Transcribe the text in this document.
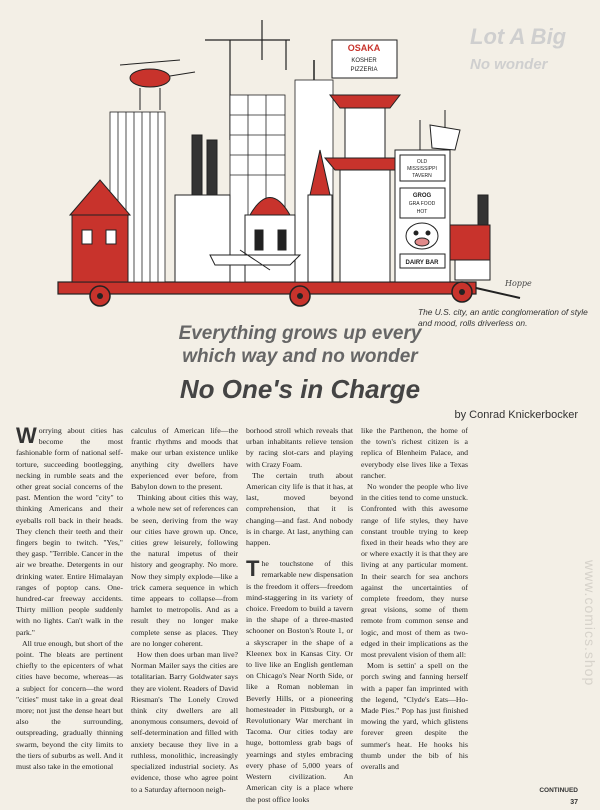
OSAKA
KOSHER
PIZZERIA
OLD
MISSISSIPPI
TAVERN
GROG
GRA FOOD
HOT
DAIRY BAR
Hoppe
Lot A Big
No wonder
The U.S. city, an antic conglomeration of style and mood, rolls driverless on.
Everything grows up every
which way and no wonder
No One's in Charge
by Conrad Knickerbocker

Worrying about cities has become the most fashionable form of national self-torture, succeeding bootlegging, necking in rumble seats and the other great social concerns of the past. Mention the word "city" to thinking Americans and their eyeballs roll back in their heads. They clench their teeth and their fingers begin to twitch. "Yes," they gasp. "Terrible. Cancer in the air we breathe. Detergents in our drinking water. Entire Himalayan ranges of poptop cans. One-hundred-car freeway accidents. Thirty million people suddenly with no lights. Can't walk in the park."

All true enough, but short of the point. The bleats are pertinent chiefly to the epicenters of what cities have become, whereas—as a subject for concern—the word "cities" must take in a great deal more; not just the dense heart but also the surrounding, outspreading, gradually thinning swarm, beyond the city limits to the tiers of suburbs as well. And it must also take in the emotional

calculus of American life—the frantic rhythms and moods that make our urban existence unlike anything city dwellers have experienced ever before, from Babylon down to the present.

Thinking about cities this way, a whole new set of references can be seen, deriving from the way our cities have grown up. Once, cities grew leisurely, following the natural impetus of their history and geography. No more. Now they simply explode—like a trick camera sequence in which time appears to collapse—from hamlet to metropolis. And as a result they no longer make complete sense as places. They are no longer coherent.

How then does urban man live? Norman Mailer says the cities are totalitarian. Barry Goldwater says they are violent. Readers of David Riesman's The Lonely Crowd think city dwellers are all anonymous consumers, devoid of self-determination and filled with anxiety because they live in a ruthless, monolithic, increasingly specialized industrial society. As evidence, those who agree point to a Saturday afternoon neigh-

borhood stroll which reveals that urban inhabitants relieve tension by racing slot-cars and playing with Crazy Foam.

The certain truth about American city life is that it has, at last, moved beyond comprehension, that it is changing—and fast. And nobody is in charge. At last, anything can happen.

The touchstone of this remarkable new dispensation is the freedom it offers—freedom mind-staggering in its variety of choice. Freedom to build a tavern in the shape of a three-masted schooner on Boston's Route 1, or a skyscraper in the shape of a Kleenex box in Kansas City. Or to live like an English gentleman on Chicago's Near North Side, or like a Roman nobleman in Beverly Hills, or a pioneering homesteader in Pittsburgh, or a Revolutionary War merchant in Tacoma. Our cities today are huge, bottomless grab bags of yearnings and styles embracing every phase of 5,000 years of Western civilization. An American city is a place where the post office looks

like the Parthenon, the home of the town's richest citizen is a replica of Blenheim Palace, and everybody else lives like a Texas rancher.

No wonder the people who live in the cities tend to come unstuck. Confronted with this awesome range of life styles, they have constant trouble trying to keep fixed in their heads who they are or where exactly it is that they are living at any particular moment. In their search for sea anchors against the uncertainties of complete freedom, they nurse great visions, some of them remote from common sense and logic, and most of them as two-edged in their implications as the most prevalent vision of them all:

Mom is settin' a spell on the porch swing and fanning herself with a paper fan imprinted with the legend, "Clyde's Eats—Ho-Made Pies." Pop has just finished mowing the yard, which glistens forever green despite the summer's heat. He hooks his thumb under the bib of his overalls and

CONTINUED
37
www.comics.shop
